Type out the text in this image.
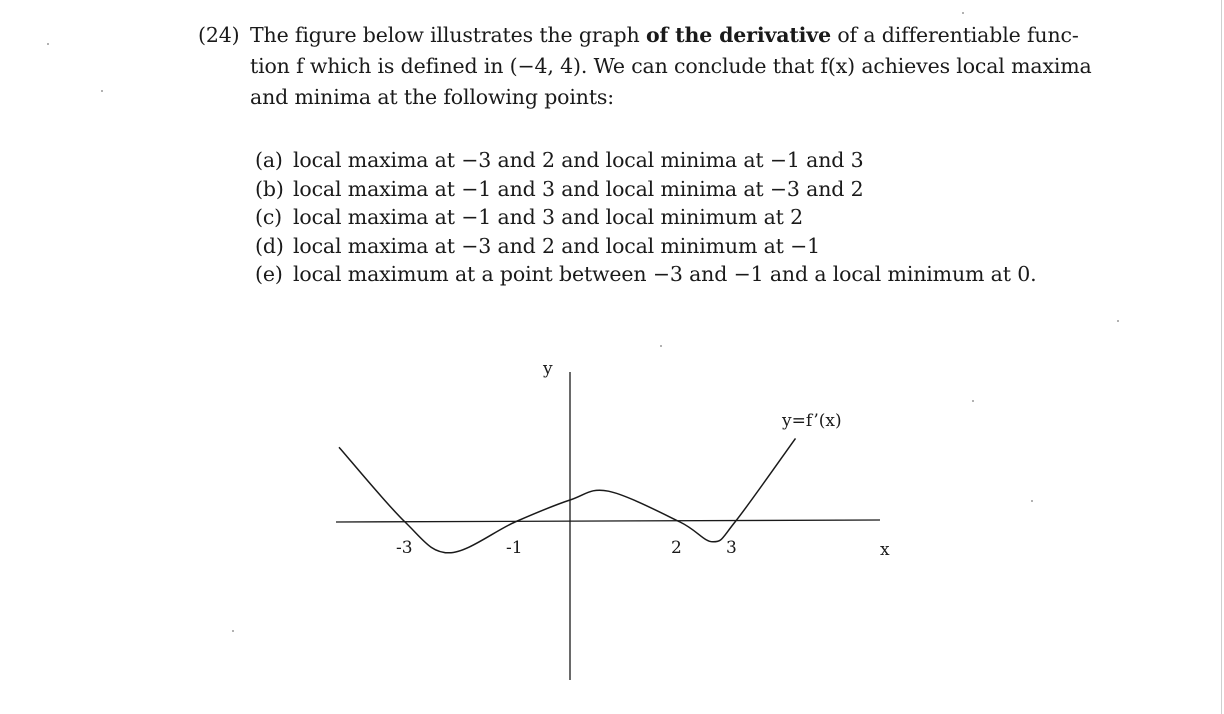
(24) The figure below illustrates the graph of the derivative of a differentiable func-
tion f which is defined in (−4, 4). We can conclude that f(x) achieves local maxima
and minima at the following points:
(a) local maxima at −3 and 2 and local minima at −1 and 3
(b) local maxima at −1 and 3 and local minima at −3 and 2
(c) local maxima at −1 and 3 and local minimum at 2
(d) local maxima at −3 and 2 and local minimum at −1
(e) local maximum at a point between −3 and −1 and a local minimum at 0.
y
x
y=f’(x)
-3	-1	2	3
